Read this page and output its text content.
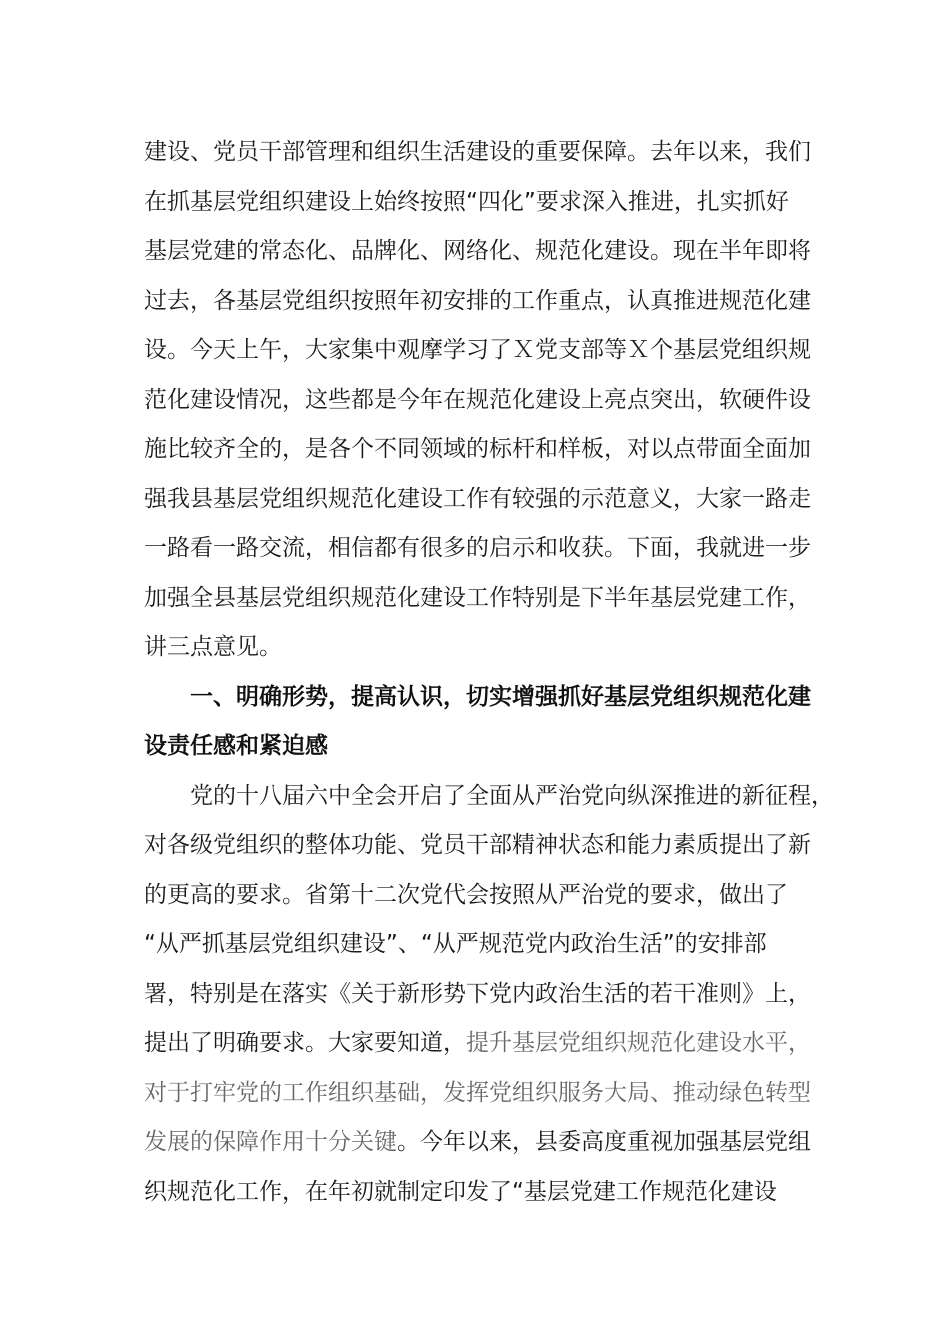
建设、党员干部管理和组织生活建设的重要保障。去年以来，我们
在抓基层党组织建设上始终按照“四化”要求深入推进，扎实抓好
基层党建的常态化、品牌化、网络化、规范化建设。现在半年即将
过去，各基层党组织按照年初安排的工作重点，认真推进规范化建
设。今天上午，大家集中观摩学习了Ｘ党支部等Ｘ个基层党组织规
范化建设情况，这些都是今年在规范化建设上亮点突出，软硬件设
施比较齐全的，是各个不同领域的标杆和样板，对以点带面全面加
强我县基层党组织规范化建设工作有较强的示范意义，大家一路走
一路看一路交流，相信都有很多的启示和收获。下面，我就进一步
加强全县基层党组织规范化建设工作特别是下半年基层党建工作，
讲三点意见。
一、明确形势，提高认识，切实增强抓好基层党组织规范化建
设责任感和紧迫感
党的十八届六中全会开启了全面从严治党向纵深推进的新征程，
对各级党组织的整体功能、党员干部精神状态和能力素质提出了新
的更高的要求。省第十二次党代会按照从严治党的要求，做出了
“从严抓基层党组织建设”、“从严规范党内政治生活”的安排部
署，特别是在落实《关于新形势下党内政治生活的若干准则》上，
提出了明确要求。大家要知道，提升基层党组织规范化建设水平，
对于打牢党的工作组织基础，发挥党组织服务大局、推动绿色转型
发展的保障作用十分关键。今年以来，县委高度重视加强基层党组
织规范化工作，在年初就制定印发了“基层党建工作规范化建设
